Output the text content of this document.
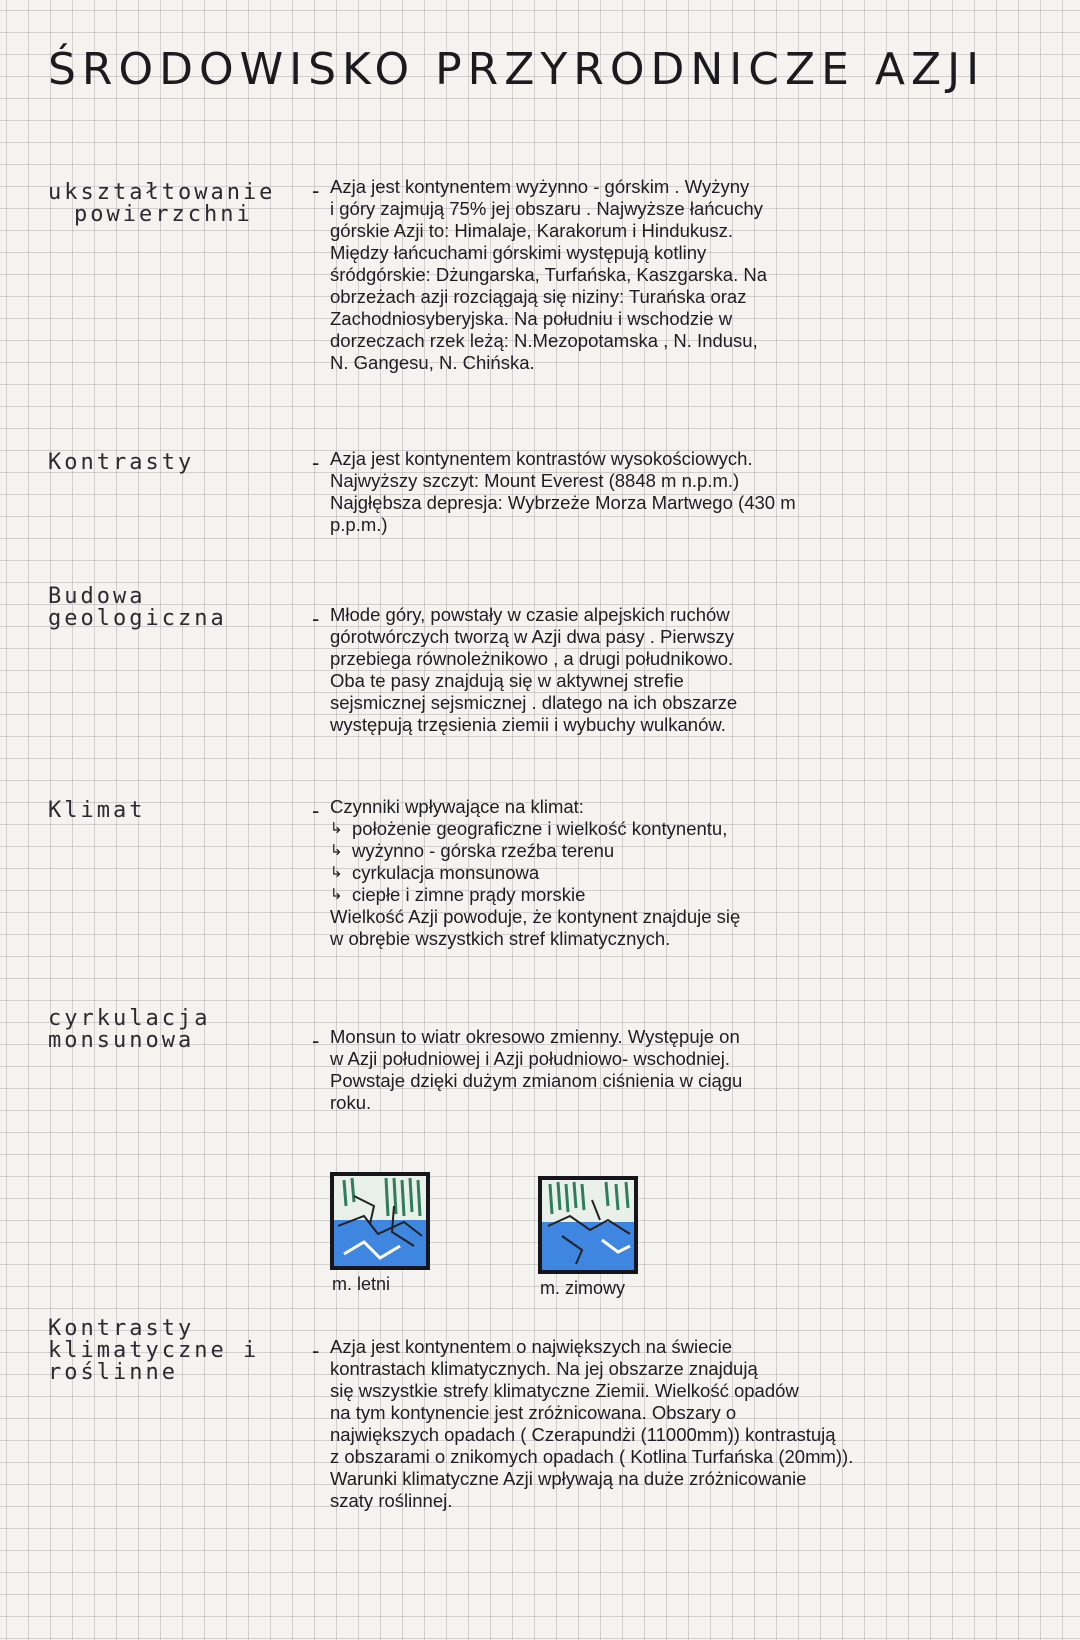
ŚRODOWISKO PRZYRODNICZE AZJI
ukształtowanie
powierzchni
- Azja jest kontynentem wyżynno - górskim . Wyżyny
i góry zajmują 75% jej obszaru . Najwyższe łańcuchy
górskie Azji to: Himalaje, Karakorum i Hindukusz.
Między łańcuchami górskimi występują kotliny
śródgórskie: Dżungarska, Turfańska, Kaszgarska. Na
obrzeżach azji rozciągają się niziny: Turańska oraz
Zachodniosyberyjska. Na południu i wschodzie w
dorzeczach rzek leżą: N.Mezopotamska , N. Indusu,
N. Gangesu, N. Chińska.
Kontrasty	- Azja jest kontynentem kontrastów wysokościowych.
Najwyższy szczyt: Mount Everest (8848 m n.p.m.)
Najgłębsza depresja: Wybrzeże Morza Martwego (430 m
p.p.m.)
Budowa
geologiczna	- Młode góry, powstały w czasie alpejskich ruchów
górotwórczych tworzą w Azji dwa pasy . Pierwszy
przebiega równoleżnikowo , a drugi południkowo.
Oba te pasy znajdują się w aktywnej strefie
sejsmicznej sejsmicznej . dlatego na ich obszarze
występują trzęsienia ziemii i wybuchy wulkanów.
Klimat	- Czynniki wpływające na klimat:
↳ położenie geograficzne i wielkość kontynentu,
↳ wyżynno - górska rzeźba terenu
↳ cyrkulacja monsunowa
↳ ciepłe i zimne prądy morskie
Wielkość Azji powoduje, że kontynent znajduje się
w obrębie wszystkich stref klimatycznych.
cyrkulacja
monsunowa	- Monsun to wiatr okresowo zmienny. Występuje on
w Azji południowej i Azji południowo- wschodniej.
Powstaje dzięki dużym zmianom ciśnienia w ciągu
roku.
m. letni	m. zimowy
Kontrasty
klimatyczne i
roślinne
- Azja jest kontynentem o największych na świecie
kontrastach klimatycznych. Na jej obszarze znajdują
się wszystkie strefy klimatyczne Ziemii. Wielkość opadów
na tym kontynencie jest zróżnicowana. Obszary o
największych opadach ( Czerapundżi (11000mm)) kontrastują
z obszarami o znikomych opadach ( Kotlina Turfańska (20mm)).
Warunki klimatyczne Azji wpływają na duże zróżnicowanie
szaty roślinnej.
